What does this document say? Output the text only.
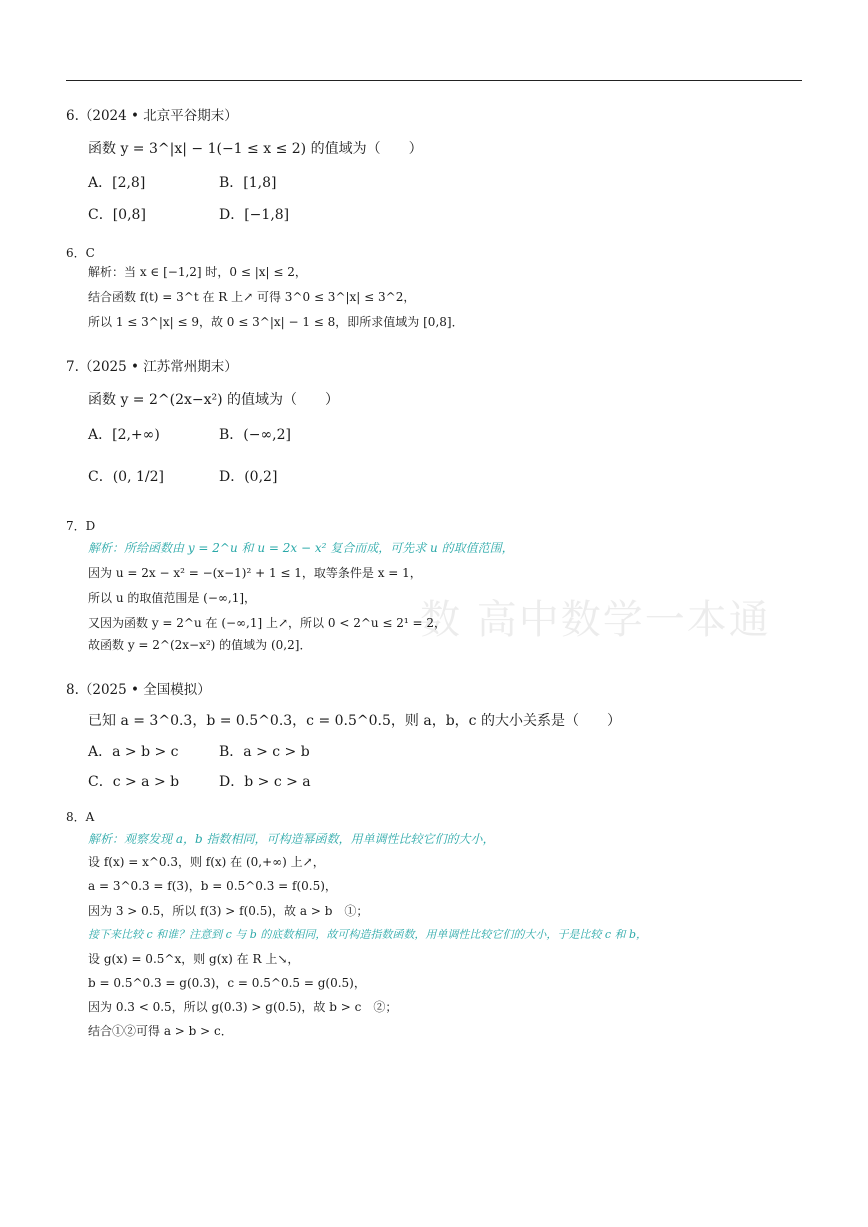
数 高中数学一本通
6.（2024 • 北京平谷期末）
函数 y = 3^|x| − 1(−1 ≤ x ≤ 2) 的值域为（　　）
A．[2,8]	B．[1,8]
C．[0,8]	D．[−1,8]
6．C
解析：当 x ∈ [−1,2] 时，0 ≤ |x| ≤ 2，
结合函数 f(t) = 3^t 在 R 上↗ 可得 3^0 ≤ 3^|x| ≤ 3^2，
所以 1 ≤ 3^|x| ≤ 9，故 0 ≤ 3^|x| − 1 ≤ 8，即所求值域为 [0,8]．
7.（2025 • 江苏常州期末）
函数 y = 2^(2x−x²) 的值域为（　　）
A．[2,+∞)	B．(−∞,2]
C．(0, 1/2]	D．(0,2]
7．D
解析：所给函数由 y = 2^u 和 u = 2x − x² 复合而成，可先求 u 的取值范围，
因为 u = 2x − x² = −(x−1)² + 1 ≤ 1，取等条件是 x = 1，
所以 u 的取值范围是 (−∞,1]，
又因为函数 y = 2^u 在 (−∞,1] 上↗，所以 0 < 2^u ≤ 2¹ = 2，
故函数 y = 2^(2x−x²) 的值域为 (0,2]．
8.（2025 • 全国模拟）
已知 a = 3^0.3，b = 0.5^0.3，c = 0.5^0.5，则 a，b，c 的大小关系是（　　）
A．a > b > c	B．a > c > b
C．c > a > b	D．b > c > a
8．A
解析：观察发现 a，b 指数相同，可构造幂函数，用单调性比较它们的大小，
设 f(x) = x^0.3，则 f(x) 在 (0,+∞) 上↗，
a = 3^0.3 = f(3)，b = 0.5^0.3 = f(0.5)，
因为 3 > 0.5，所以 f(3) > f(0.5)，故 a > b　①；
接下来比较 c 和谁？注意到 c 与 b 的底数相同，故可构造指数函数，用单调性比较它们的大小，于是比较 c 和 b，
设 g(x) = 0.5^x，则 g(x) 在 R 上↘，
b = 0.5^0.3 = g(0.3)，c = 0.5^0.5 = g(0.5)，
因为 0.3 < 0.5，所以 g(0.3) > g(0.5)，故 b > c　②；
结合①②可得 a > b > c．
